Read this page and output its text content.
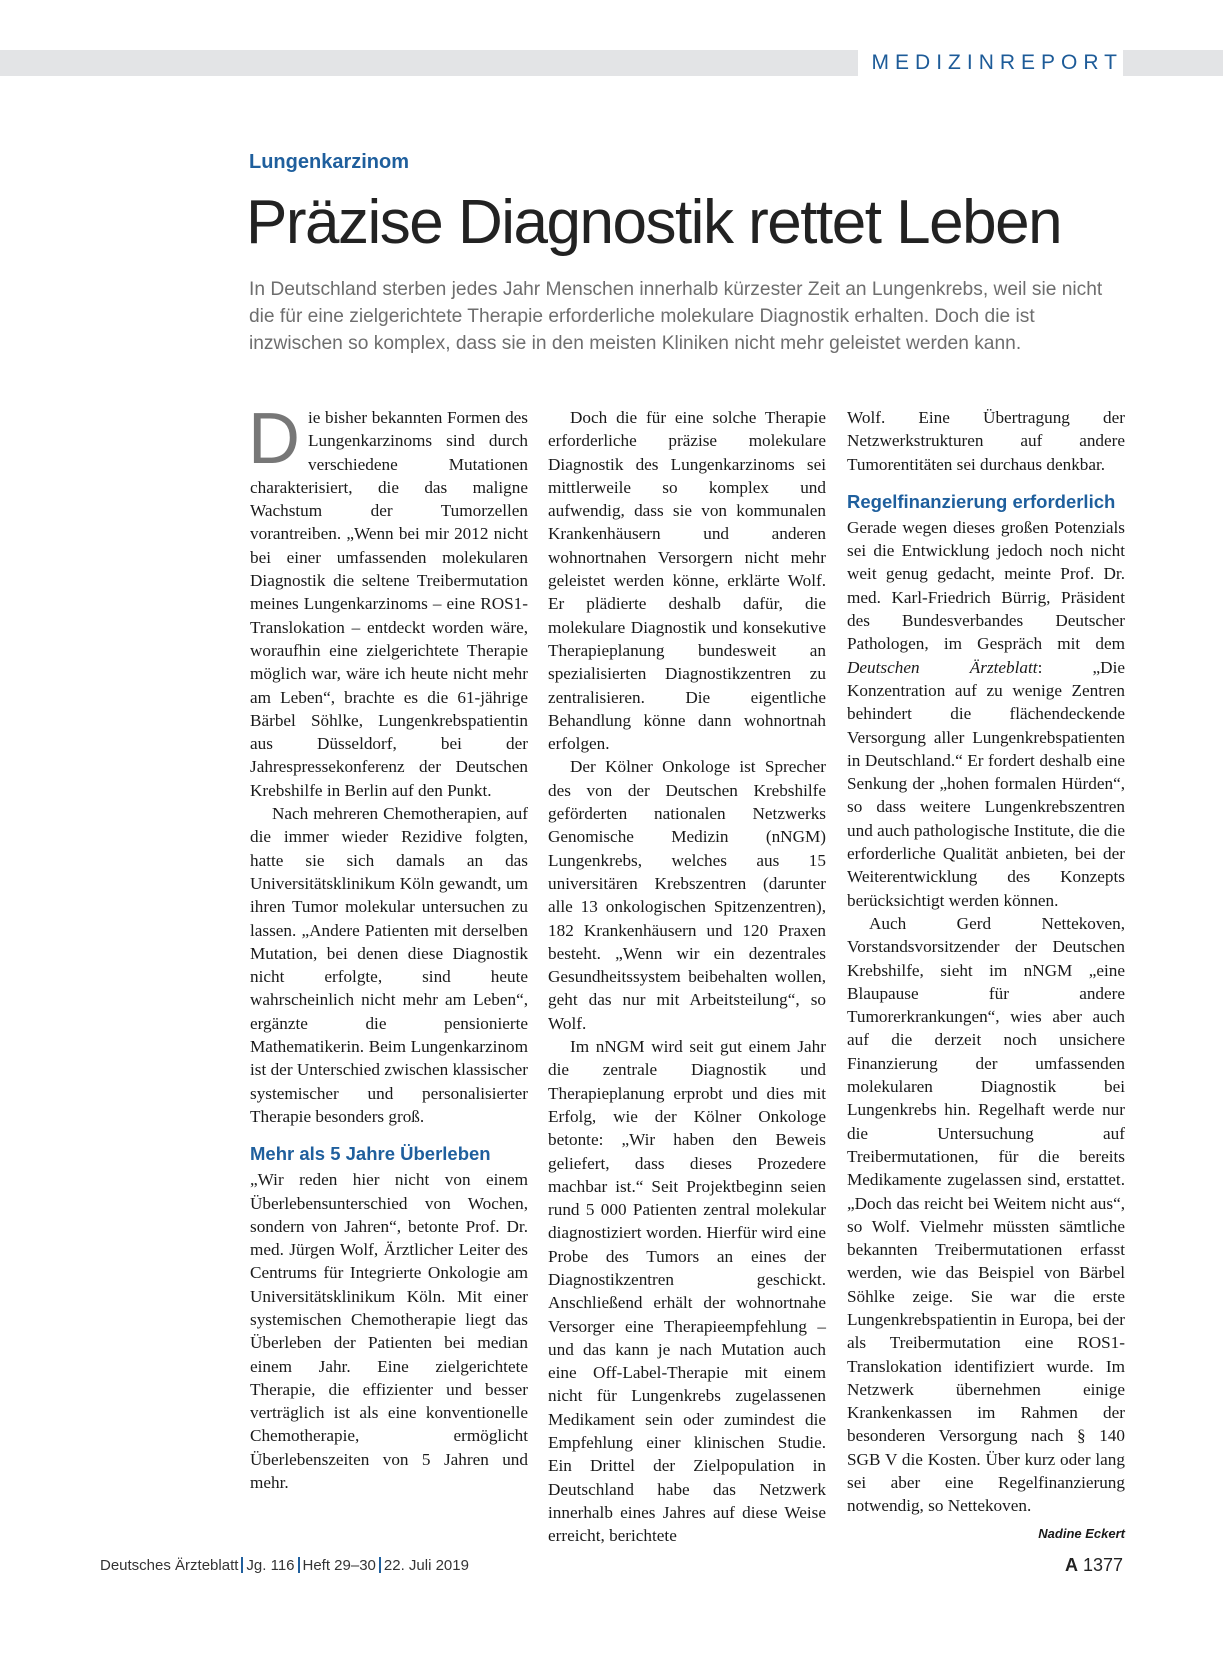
MEDIZINREPORT
Lungenkarzinom
Präzise Diagnostik rettet Leben

In Deutschland sterben jedes Jahr Menschen innerhalb kürzester Zeit an Lungenkrebs, weil sie nicht die für eine zielgerichtete Therapie erforderliche molekulare Diagnostik erhalten. Doch die ist inzwischen so komplex, dass sie in den meisten Kliniken nicht mehr geleistet werden kann.

Die bisher bekannten Formen des Lungenkarzinoms sind durch verschiedene Mutationen charakterisiert, die das maligne Wachstum der Tumorzellen vorantreiben. „Wenn bei mir 2012 nicht bei einer umfassenden molekularen Diagnostik die seltene Treibermutation meines Lungenkarzinoms – eine ROS1-Translokation – entdeckt worden wäre, woraufhin eine zielgerichtete Therapie möglich war, wäre ich heute nicht mehr am Leben“, brachte es die 61-jährige Bärbel Söhlke, Lungenkrebspatientin aus Düsseldorf, bei der Jahrespressekonferenz der Deutschen Krebshilfe in Berlin auf den Punkt.

Nach mehreren Chemotherapien, auf die immer wieder Rezidive folgten, hatte sie sich damals an das Universitätsklinikum Köln gewandt, um ihren Tumor molekular untersuchen zu lassen. „Andere Patienten mit derselben Mutation, bei denen diese Diagnostik nicht erfolgte, sind heute wahrscheinlich nicht mehr am Leben“, ergänzte die pensionierte Mathematikerin. Beim Lungenkarzinom ist der Unterschied zwischen klassischer systemischer und personalisierter Therapie besonders groß.

Mehr als 5 Jahre Überleben

„Wir reden hier nicht von einem Überlebensunterschied von Wochen, sondern von Jahren“, betonte Prof. Dr. med. Jürgen Wolf, Ärztlicher Leiter des Centrums für Integrierte Onkologie am Universitätsklinikum Köln. Mit einer systemischen Chemotherapie liegt das Überleben der Patienten bei median einem Jahr. Eine zielgerichtete Therapie, die effizienter und besser verträglich ist als eine konventionelle Chemotherapie, ermöglicht Überlebenszeiten von 5 Jahren und mehr.

Doch die für eine solche Therapie erforderliche präzise molekulare Diagnostik des Lungenkarzinoms sei mittlerweile so komplex und aufwendig, dass sie von kommunalen Krankenhäusern und anderen wohnortnahen Versorgern nicht mehr geleistet werden könne, erklärte Wolf. Er plädierte deshalb dafür, die molekulare Diagnostik und konsekutive Therapieplanung bundesweit an spezialisierten Diagnostikzentren zu zentralisieren. Die eigentliche Behandlung könne dann wohnortnah erfolgen.

Der Kölner Onkologe ist Sprecher des von der Deutschen Krebshilfe geförderten nationalen Netzwerks Genomische Medizin (nNGM) Lungenkrebs, welches aus 15 universitären Krebszentren (darunter alle 13 onkologischen Spitzenzentren), 182 Krankenhäusern und 120 Praxen besteht. „Wenn wir ein dezentrales Gesundheitssystem beibehalten wollen, geht das nur mit Arbeitsteilung“, so Wolf.

Im nNGM wird seit gut einem Jahr die zentrale Diagnostik und Therapieplanung erprobt und dies mit Erfolg, wie der Kölner Onkologe betonte: „Wir haben den Beweis geliefert, dass dieses Prozedere machbar ist.“ Seit Projektbeginn seien rund 5 000 Patienten zentral molekular diagnostiziert worden. Hierfür wird eine Probe des Tumors an eines der Diagnostikzentren geschickt. Anschließend erhält der wohnortnahe Versorger eine Therapieempfehlung – und das kann je nach Mutation auch eine Off-Label-Therapie mit einem nicht für Lungenkrebs zugelassenen Medikament sein oder zumindest die Empfehlung einer klinischen Studie. Ein Drittel der Zielpopulation in Deutschland habe das Netzwerk innerhalb eines Jahres auf diese Weise erreicht, berichtete

Wolf. Eine Übertragung der Netzwerkstrukturen auf andere Tumorentitäten sei durchaus denkbar.

Regelfinanzierung erforderlich

Gerade wegen dieses großen Potenzials sei die Entwicklung jedoch noch nicht weit genug gedacht, meinte Prof. Dr. med. Karl-Friedrich Bürrig, Präsident des Bundesverbandes Deutscher Pathologen, im Gespräch mit dem Deutschen Ärzteblatt: „Die Konzentration auf zu wenige Zentren behindert die flächendeckende Versorgung aller Lungenkrebspatienten in Deutschland.“ Er fordert deshalb eine Senkung der „hohen formalen Hürden“, so dass weitere Lungenkrebszentren und auch pathologische Institute, die die erforderliche Qualität anbieten, bei der Weiterentwicklung des Konzepts berücksichtigt werden können.

Auch Gerd Nettekoven, Vorstandsvorsitzender der Deutschen Krebshilfe, sieht im nNGM „eine Blaupause für andere Tumorerkrankungen“, wies aber auch auf die derzeit noch unsichere Finanzierung der umfassenden molekularen Diagnostik bei Lungenkrebs hin. Regelhaft werde nur die Untersuchung auf Treibermutationen, für die bereits Medikamente zugelassen sind, erstattet. „Doch das reicht bei Weitem nicht aus“, so Wolf. Vielmehr müssten sämtliche bekannten Treibermutationen erfasst werden, wie das Beispiel von Bärbel Söhlke zeige. Sie war die erste Lungenkrebspatientin in Europa, bei der als Treibermutation eine ROS1-Translokation identifiziert wurde. Im Netzwerk übernehmen einige Krankenkassen im Rahmen der besonderen Versorgung nach § 140 SGB V die Kosten. Über kurz oder lang sei aber eine Regelfinanzierung notwendig, so Nettekoven.
Nadine Eckert

Deutsches Ärzteblatt Jg. 116 Heft 29–30 22. Juli 2019	A 1377
